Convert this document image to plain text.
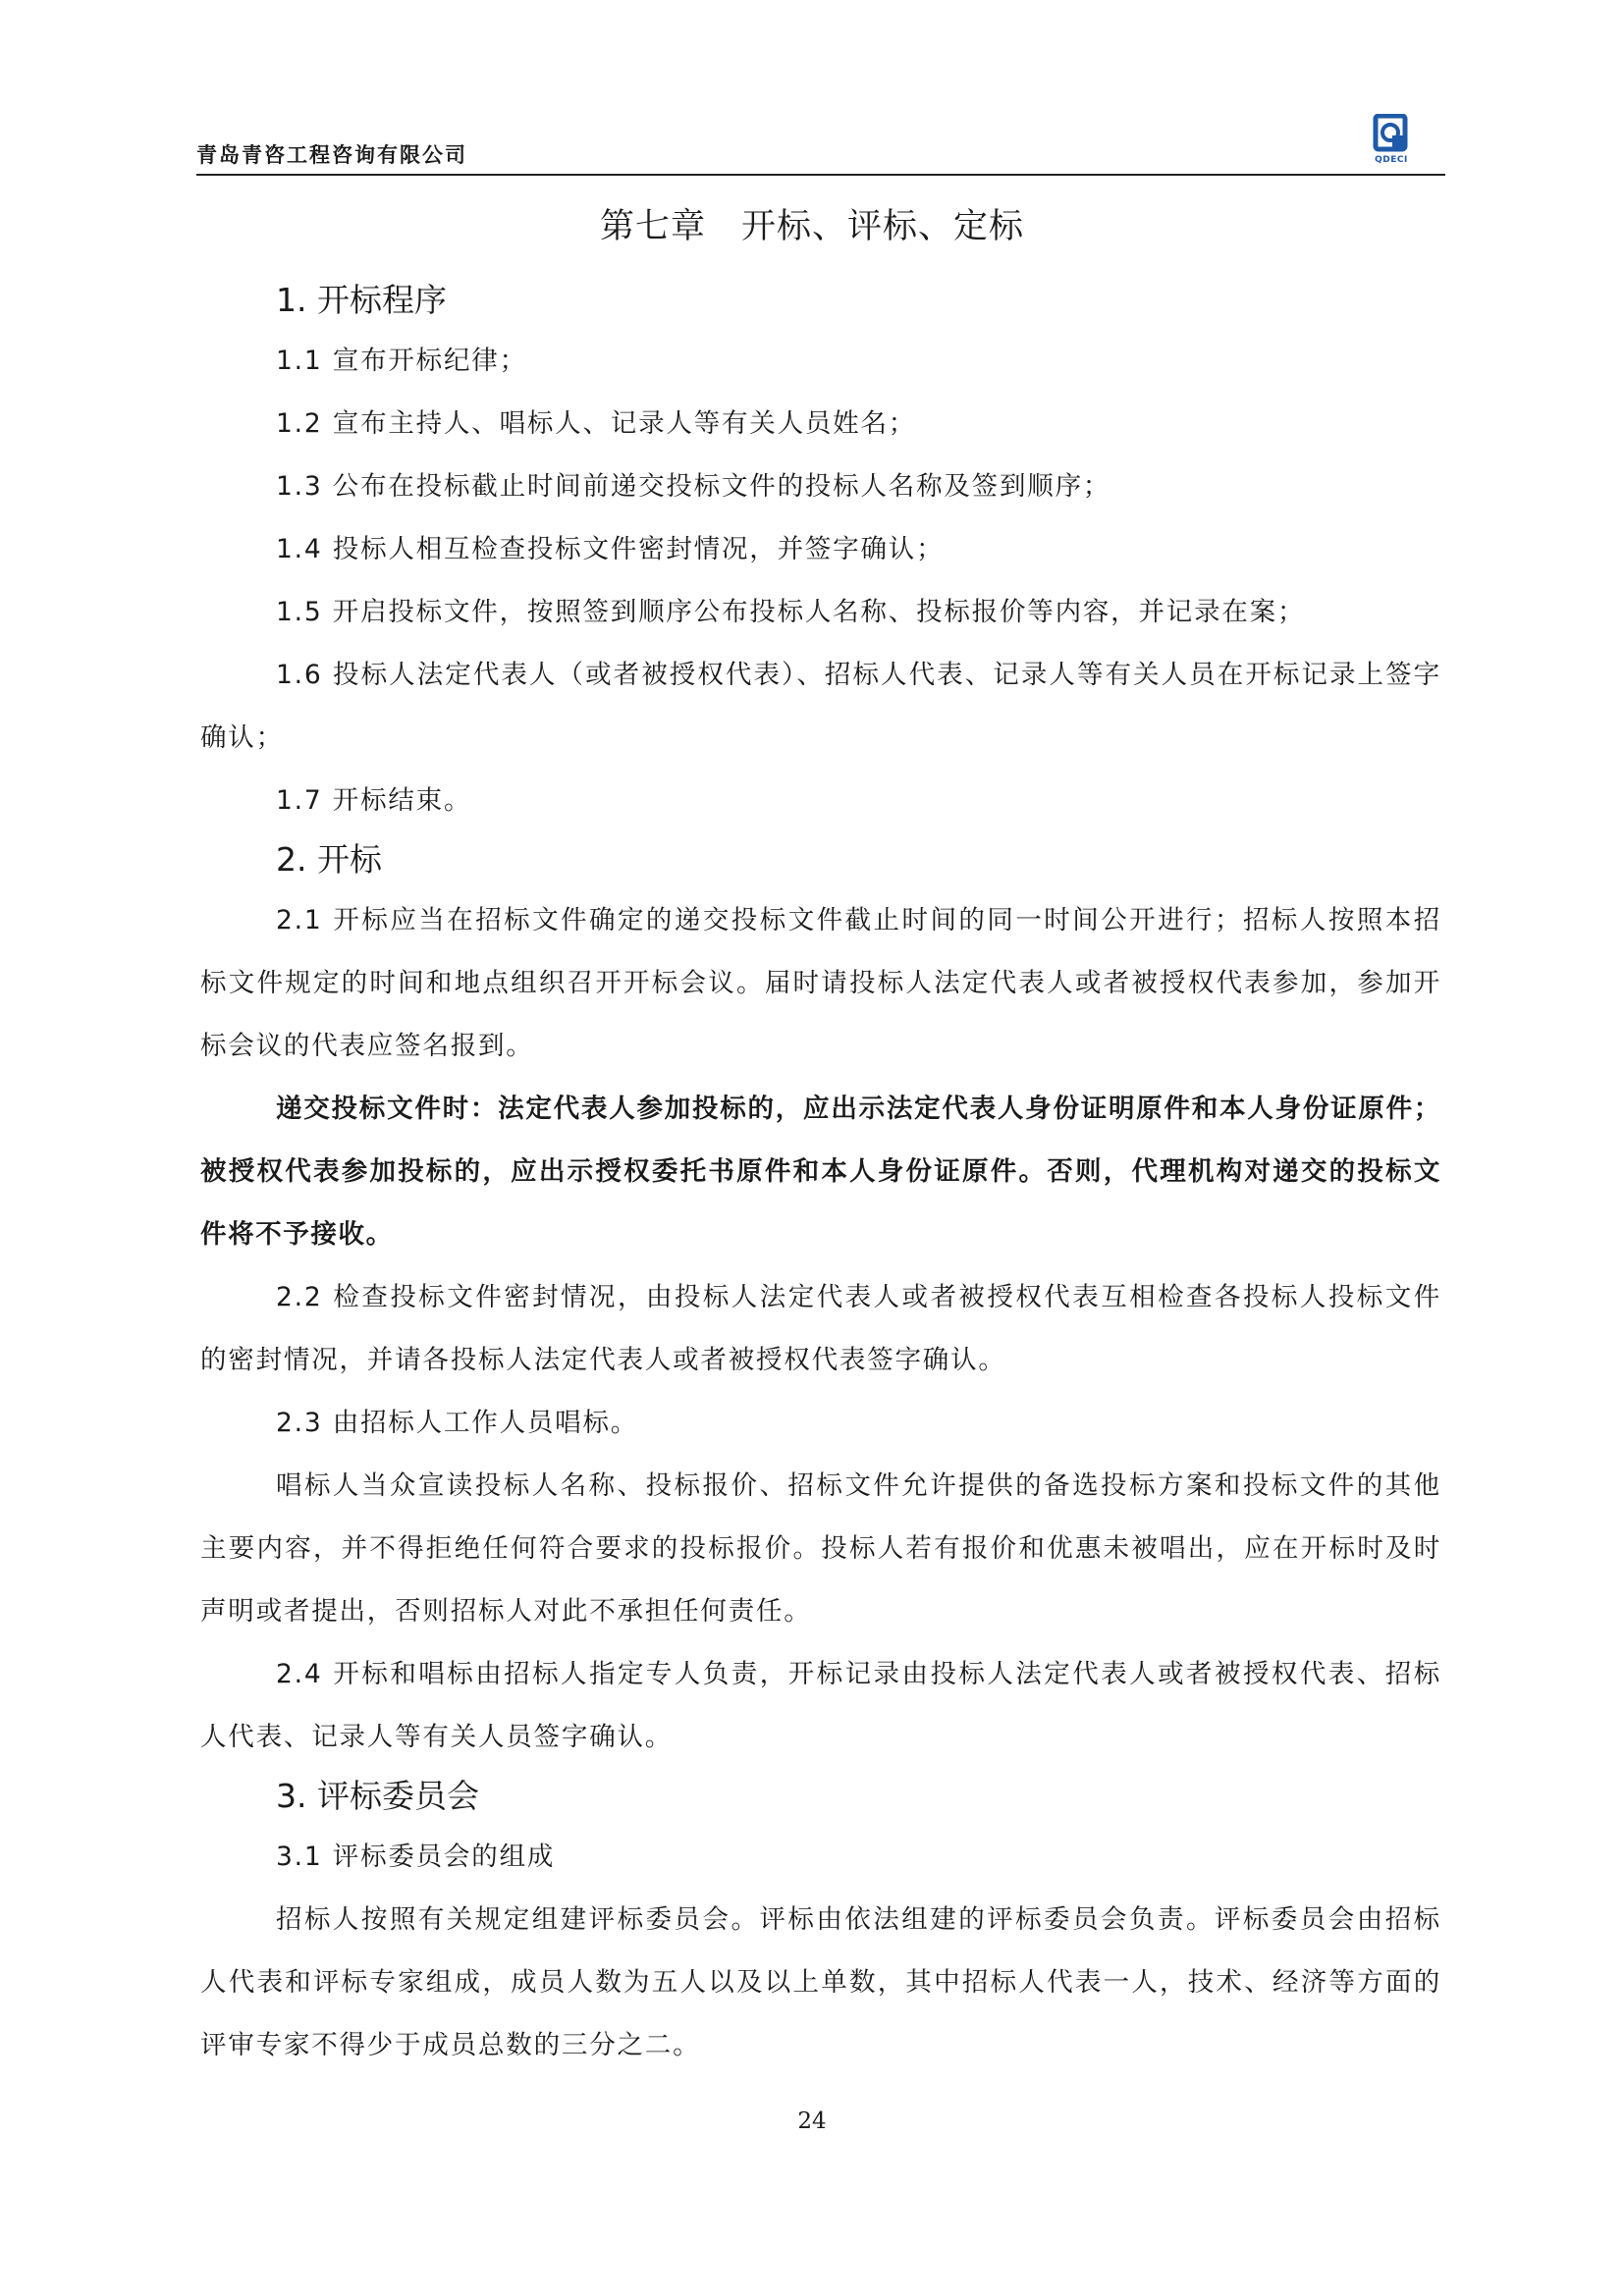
青岛青咨工程咨询有限公司	QDECI
第七章　开标、评标、定标
1. 开标程序

1.1 宣布开标纪律；

1.2 宣布主持人、唱标人、记录人等有关人员姓名；

1.3 公布在投标截止时间前递交投标文件的投标人名称及签到顺序；

1.4 投标人相互检查投标文件密封情况，并签字确认；

1.5 开启投标文件，按照签到顺序公布投标人名称、投标报价等内容，并记录在案；

1.6 投标人法定代表人（或者被授权代表）、招标人代表、记录人等有关人员在开标记录上签字确认；

1.7 开标结束。

2. 开标

2.1 开标应当在招标文件确定的递交投标文件截止时间的同一时间公开进行；招标人按照本招标文件规定的时间和地点组织召开开标会议。届时请投标人法定代表人或者被授权代表参加，参加开标会议的代表应签名报到。

递交投标文件时：法定代表人参加投标的，应出示法定代表人身份证明原件和本人身份证原件；被授权代表参加投标的，应出示授权委托书原件和本人身份证原件。否则，代理机构对递交的投标文件将不予接收。

2.2 检查投标文件密封情况，由投标人法定代表人或者被授权代表互相检查各投标人投标文件的密封情况，并请各投标人法定代表人或者被授权代表签字确认。

2.3 由招标人工作人员唱标。

唱标人当众宣读投标人名称、投标报价、招标文件允许提供的备选投标方案和投标文件的其他主要内容，并不得拒绝任何符合要求的投标报价。投标人若有报价和优惠未被唱出，应在开标时及时声明或者提出，否则招标人对此不承担任何责任。

2.4 开标和唱标由招标人指定专人负责，开标记录由投标人法定代表人或者被授权代表、招标人代表、记录人等有关人员签字确认。

3. 评标委员会

3.1 评标委员会的组成

招标人按照有关规定组建评标委员会。评标由依法组建的评标委员会负责。评标委员会由招标人代表和评标专家组成，成员人数为五人以及以上单数，其中招标人代表一人，技术、经济等方面的评审专家不得少于成员总数的三分之二。

24
